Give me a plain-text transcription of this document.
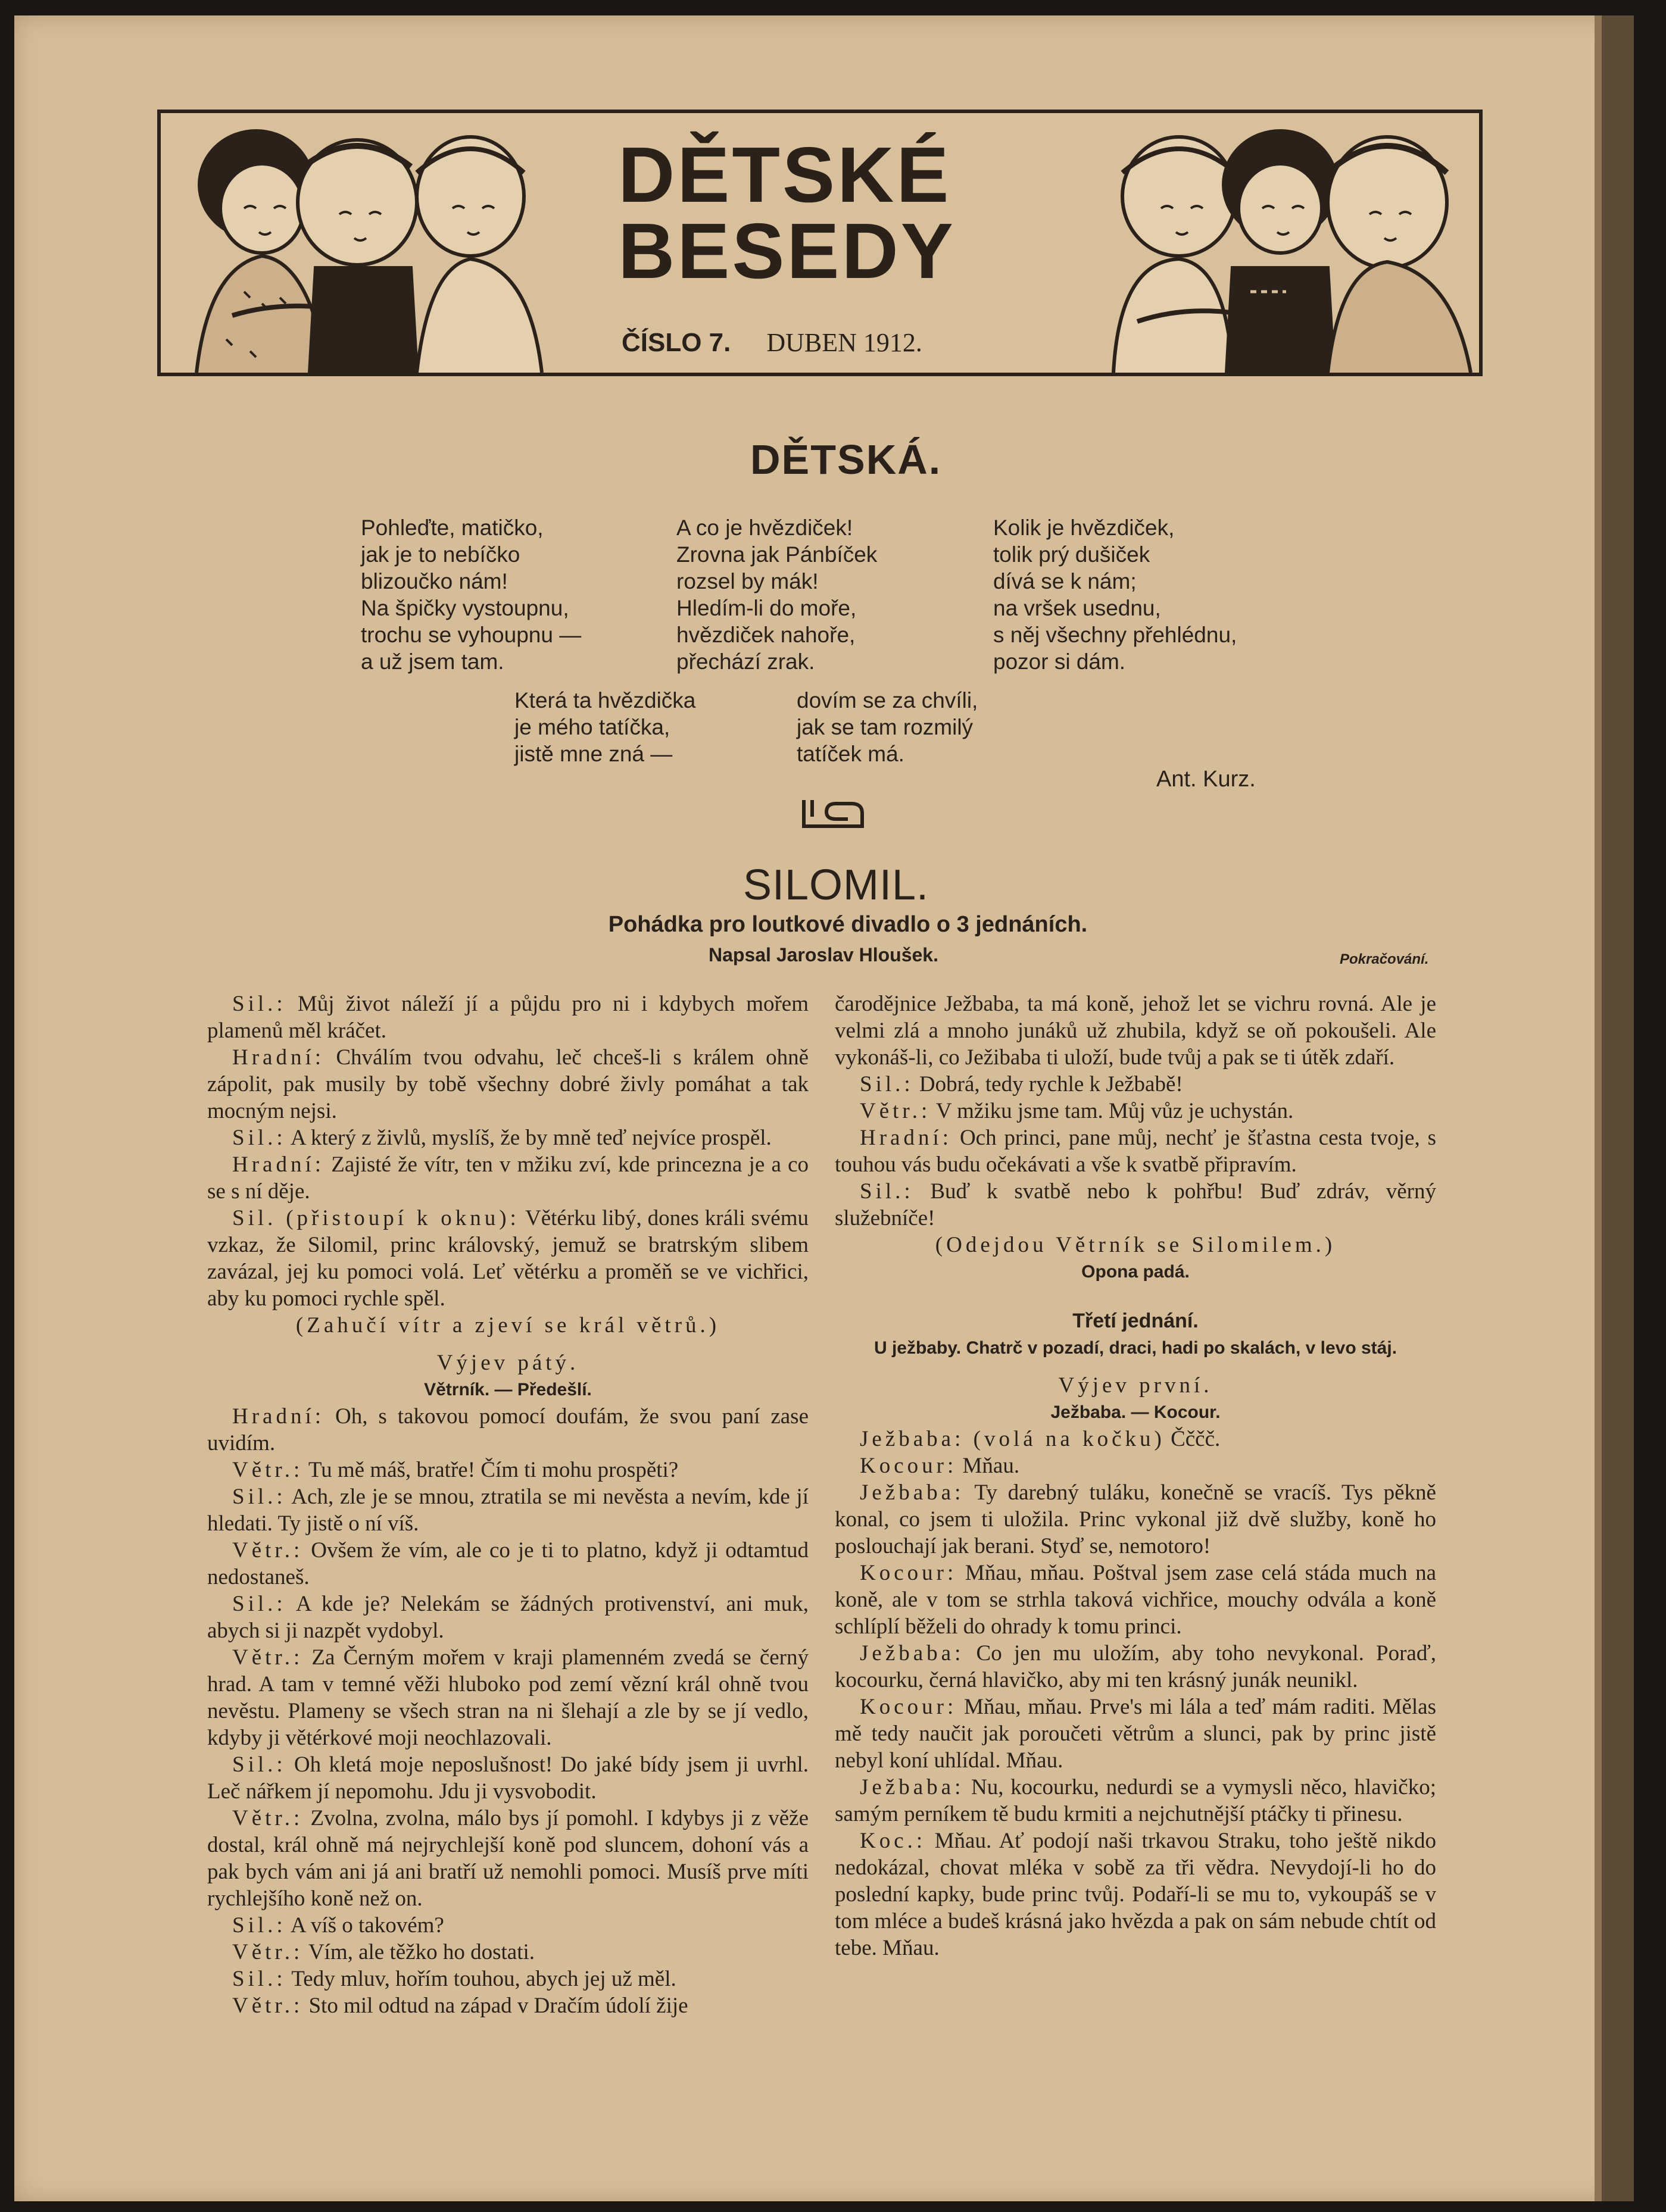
DĚTSKÉ
BESEDY
ČÍSLO 7. DUBEN 1912.
DĚTSKÁ.
Pohleďte, matičko,
jak je to nebíčko
blizoučko nám!
Na špičky vystoupnu,
trochu se vyhoupnu —
a už jsem tam.
A co je hvězdiček!
Zrovna jak Pánbíček
rozsel by mák!
Hledím-li do moře,
hvězdiček nahoře,
přechází zrak.
Kolik je hvězdiček,
tolik prý dušiček
dívá se k nám;
na vršek usednu,
s něj všechny přehlédnu,
pozor si dám.
Která ta hvězdička
je mého tatíčka,
jistě mne zná —
dovím se za chvíli,
jak se tam rozmilý
tatíček má.
Ant. Kurz.
SILOMIL.
Pohádka pro loutkové divadlo o 3 jednáních.
Napsal Jaroslav Hloušek.	Pokračování.

Sil.: Můj život náleží jí a půjdu pro ni i kdybych mořem plamenů měl kráčet.

Hradní: Chválím tvou odvahu, leč chceš-li s králem ohně zápolit, pak musily by tobě všechny dobré živly pomáhat a tak mocným nejsi.

Sil.: A který z živlů, myslíš, že by mně teď nejvíce prospěl.

Hradní: Zajisté že vítr, ten v mžiku zví, kde princezna je a co se s ní děje.

Sil. (přistoupí k oknu): Větérku libý, dones králi svému vzkaz, že Silomil, princ královský, jemuž se bratrským slibem zavázal, jej ku pomoci volá. Leť větérku a proměň se ve vichřici, aby ku pomoci rychle spěl.

(Zahučí vítr a zjeví se král větrů.)

Výjev pátý.

Větrník. — Předešlí.

Hradní: Oh, s takovou pomocí doufám, že svou paní zase uvidím.

Větr.: Tu mě máš, bratře! Čím ti mohu prospěti?

Sil.: Ach, zle je se mnou, ztratila se mi nevěsta a nevím, kde jí hledati. Ty jistě o ní víš.

Větr.: Ovšem že vím, ale co je ti to platno, když ji odtamtud nedostaneš.

Sil.: A kde je? Nelekám se žádných protivenství, ani muk, abych si ji nazpět vydobyl.

Větr.: Za Černým mořem v kraji plamenném zvedá se černý hrad. A tam v temné věži hluboko pod zemí vězní král ohně tvou nevěstu. Plameny se všech stran na ni šlehají a zle by se jí vedlo, kdyby ji větérkové moji neochlazovali.

Sil.: Oh kletá moje neposlušnost! Do jaké bídy jsem ji uvrhl. Leč nářkem jí nepomohu. Jdu ji vysvobodit.

Větr.: Zvolna, zvolna, málo bys jí pomohl. I kdybys ji z věže dostal, král ohně má nejrychlejší koně pod sluncem, dohoní vás a pak bych vám ani já ani bratří už nemohli pomoci. Musíš prve míti rychlejšího koně než on.

Sil.: A víš o takovém?

Větr.: Vím, ale těžko ho dostati.

Sil.: Tedy mluv, hořím touhou, abych jej už měl.

Větr.: Sto mil odtud na západ v Dračím údolí žije

čarodějnice Ježbaba, ta má koně, jehož let se vichru rovná. Ale je velmi zlá a mnoho junáků už zhubila, když se oň pokoušeli. Ale vykonáš-li, co Ježibaba ti uloží, bude tvůj a pak se ti útěk zdaří.

Sil.: Dobrá, tedy rychle k Ježbabě!

Větr.: V mžiku jsme tam. Můj vůz je uchystán.

Hradní: Och princi, pane můj, nechť je šťastna cesta tvoje, s touhou vás budu očekávati a vše k svatbě připravím.

Sil.: Buď k svatbě nebo k pohřbu! Buď zdráv, věrný služebníče!

(Odejdou Větrník se Silomilem.)

Opona padá.

Třetí jednání.

U ježbaby. Chatrč v pozadí, draci, hadi po skalách, v levo stáj.

Výjev první.

Ježbaba. — Kocour.

Ježbaba: (volá na kočku) Čččč.

Kocour: Mňau.

Ježbaba: Ty darebný tuláku, konečně se vracíš. Tys pěkně konal, co jsem ti uložila. Princ vykonal již dvě služby, koně ho poslouchají jak berani. Styď se, nemotoro!

Kocour: Mňau, mňau. Poštval jsem zase celá stáda much na koně, ale v tom se strhla taková vichřice, mouchy odvála a koně schlíplí běželi do ohrady k tomu princi.

Ježbaba: Co jen mu uložím, aby toho nevykonal. Poraď, kocourku, černá hlavičko, aby mi ten krásný junák neunikl.

Kocour: Mňau, mňau. Prve's mi lála a teď mám raditi. Mělas mě tedy naučit jak poroučeti větrům a slunci, pak by princ jistě nebyl koní uhlídal. Mňau.

Ježbaba: Nu, kocourku, nedurdi se a vymysli něco, hlavičko; samým perníkem tě budu krmiti a nejchutnější ptáčky ti přinesu.

Koc.: Mňau. Ať podojí naši trkavou Straku, toho ještě nikdo nedokázal, chovat mléka v sobě za tři vědra. Nevydojí-li ho do poslední kapky, bude princ tvůj. Podaří-li se mu to, vykoupáš se v tom mléce a budeš krásná jako hvězda a pak on sám nebude chtít od tebe. Mňau.
